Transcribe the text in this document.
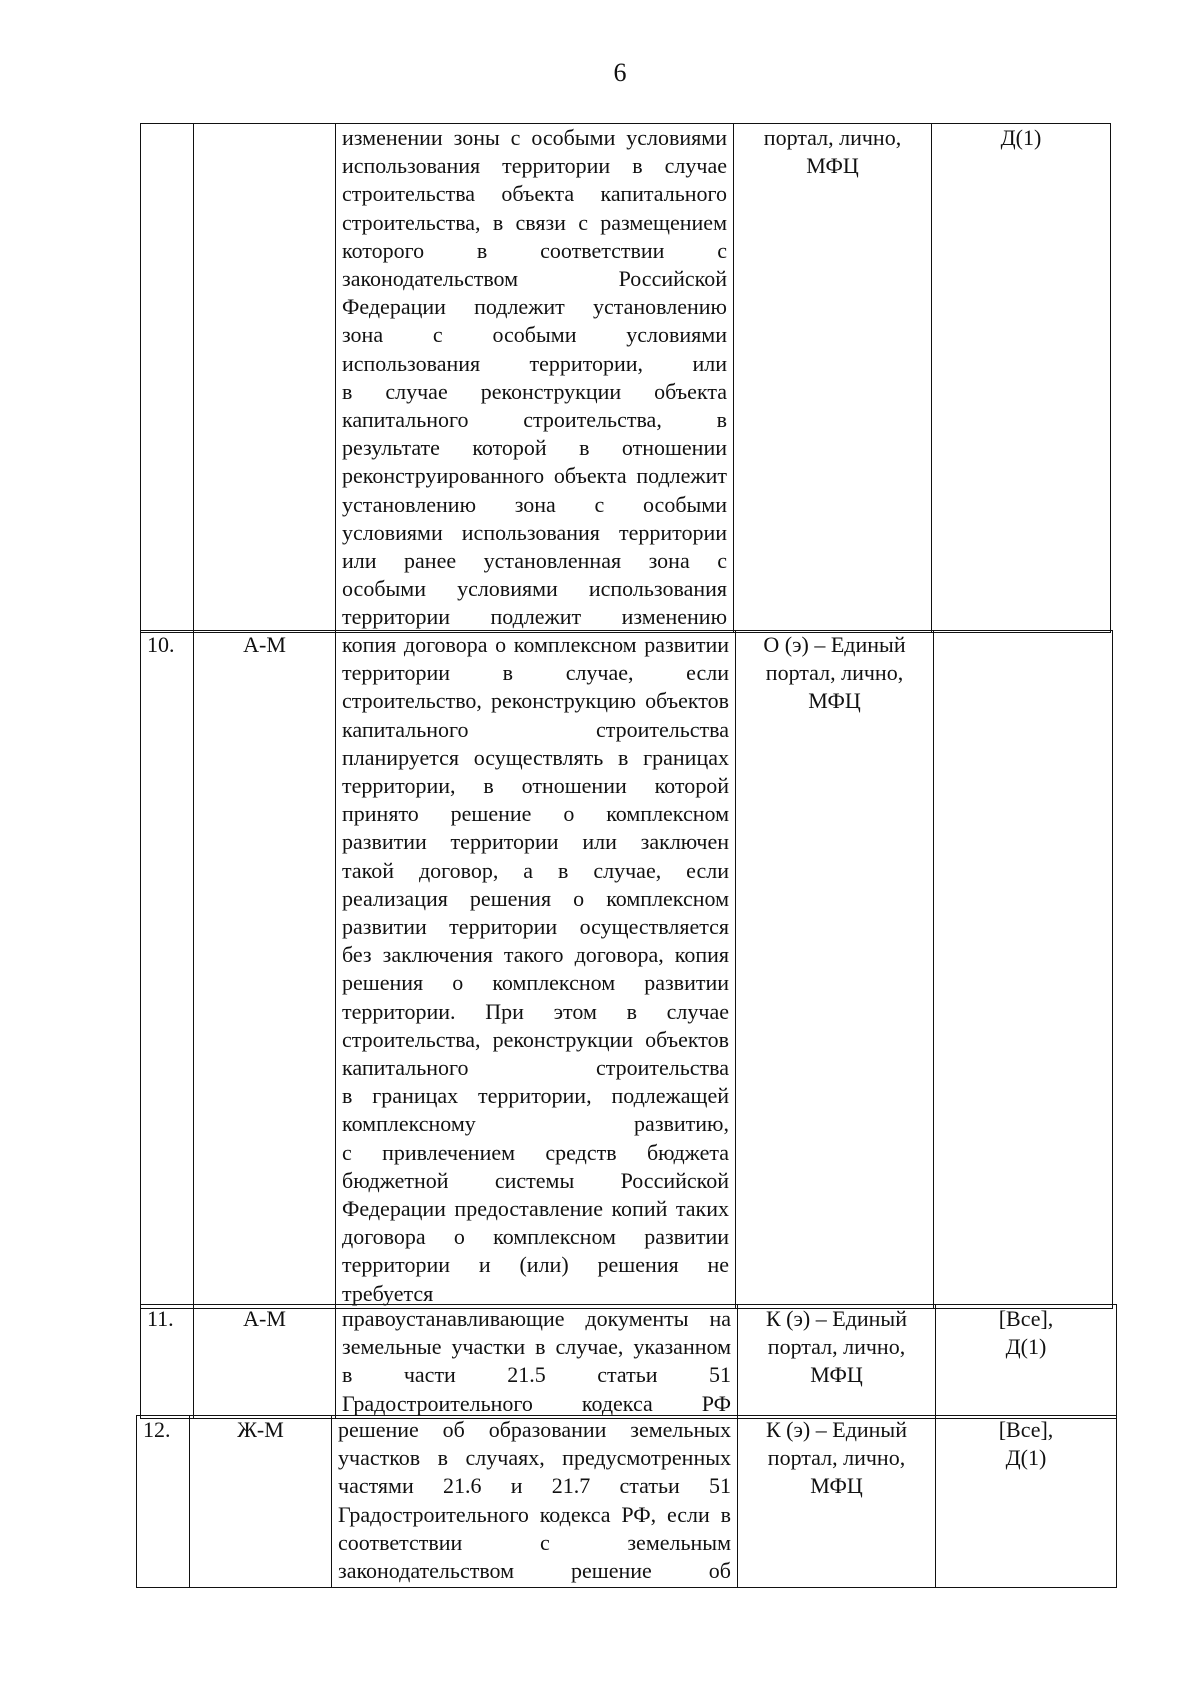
6
		изменении зоны с особыми условиями
использования территории в случае
строительства объекта капитального
строительства, в связи с размещением
которого в соответствии с
законодательством Российской
Федерации подлежит установлению
зона с особыми условиями
использования территории, или
в случае реконструкции объекта
капитального строительства, в
результате которой в отношении
реконструированного объекта подлежит
установлению зона с особыми
условиями использования территории
или ранее установленная зона с
особыми условиями использования
территории подлежит изменению	портал, лично,
МФЦ	Д(1)
10.	А-М	копия договора о комплексном развитии
территории в случае, если
строительство, реконструкцию объектов
капитального строительства
планируется осуществлять в границах
территории, в отношении которой
принято решение о комплексном
развитии территории или заключен
такой договор, а в случае, если
реализация решения о комплексном
развитии территории осуществляется
без заключения такого договора, копия
решения о комплексном развитии
территории. При этом в случае
строительства, реконструкции объектов
капитального строительства
в границах территории, подлежащей
комплексному развитию,
с привлечением средств бюджета
бюджетной системы Российской
Федерации предоставление копий таких
договора о комплексном развитии
территории и (или) решения не
требуется	О (э) – Единый
портал, лично,
МФЦ	
11.	А-М	правоустанавливающие документы на
земельные участки в случае, указанном
в части 21.5 статьи 51
Градостроительного кодекса РФ	К (э) – Единый
портал, лично,
МФЦ	[Все],
Д(1)
12.	Ж-М	решение об образовании земельных
участков в случаях, предусмотренных
частями 21.6 и 21.7 статьи 51
Градостроительного кодекса РФ, если в
соответствии с земельным
законодательством решение об	К (э) – Единый
портал, лично,
МФЦ	[Все],
Д(1)
